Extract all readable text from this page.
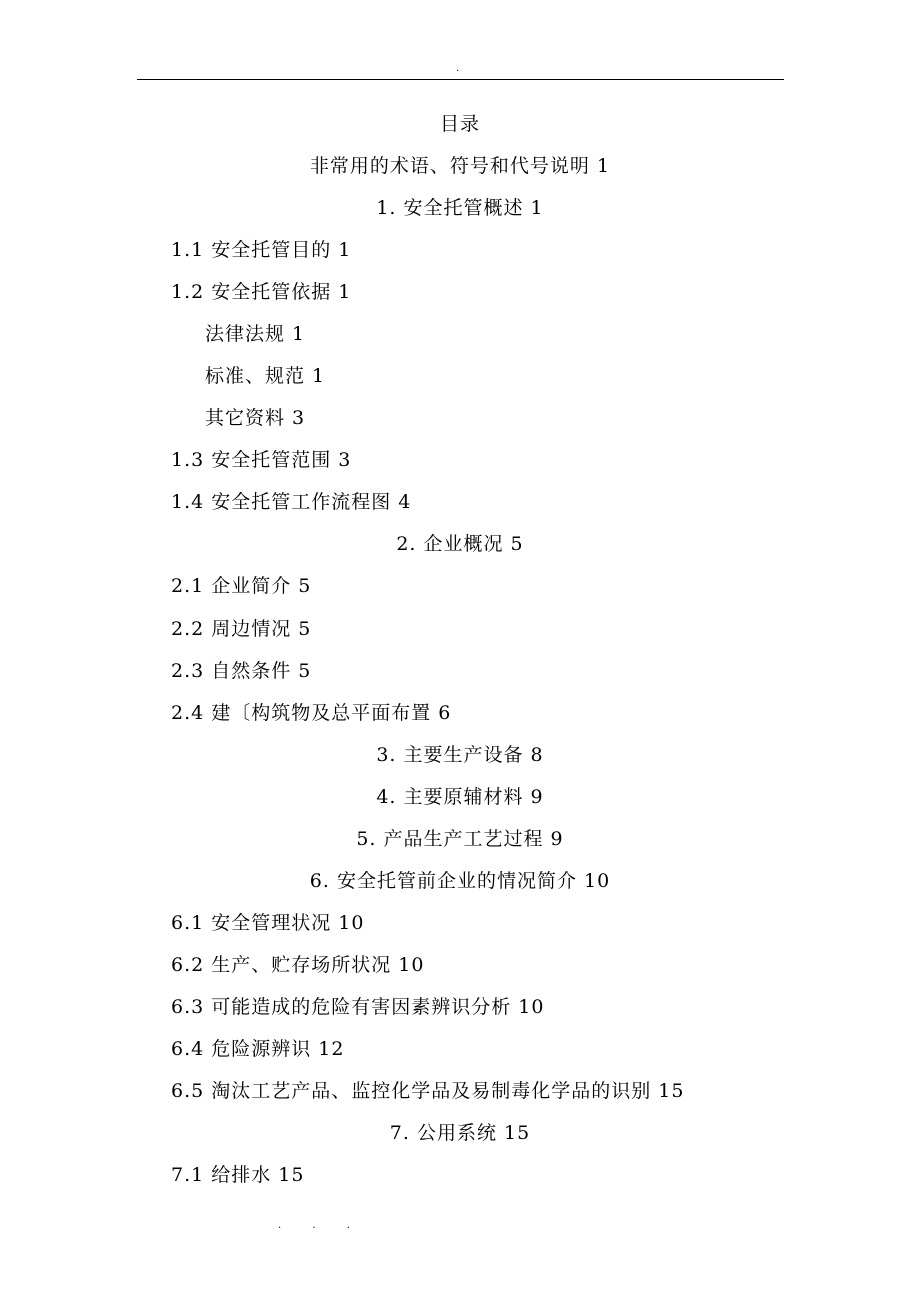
.
目录
非常用的术语、符号和代号说明 1
1. 安全托管概述 1
1.1 安全托管目的 1
1.2 安全托管依据 1
法律法规 1
标准、规范 1
其它资料 3
1.3 安全托管范围 3
1.4 安全托管工作流程图 4
2. 企业概况 5
2.1 企业简介 5
2.2 周边情况 5
2.3 自然条件 5
2.4 建〔构筑物及总平面布置 6
3. 主要生产设备 8
4. 主要原辅材料 9
5. 产品生产工艺过程 9
6. 安全托管前企业的情况简介 10
6.1 安全管理状况 10
6.2 生产、贮存场所状况 10
6.3 可能造成的危险有害因素辨识分析 10
6.4 危险源辨识 12
6.5 淘汰工艺产品、监控化学品及易制毒化学品的识别 15
7. 公用系统 15
7.1 给排水 15
. . .
